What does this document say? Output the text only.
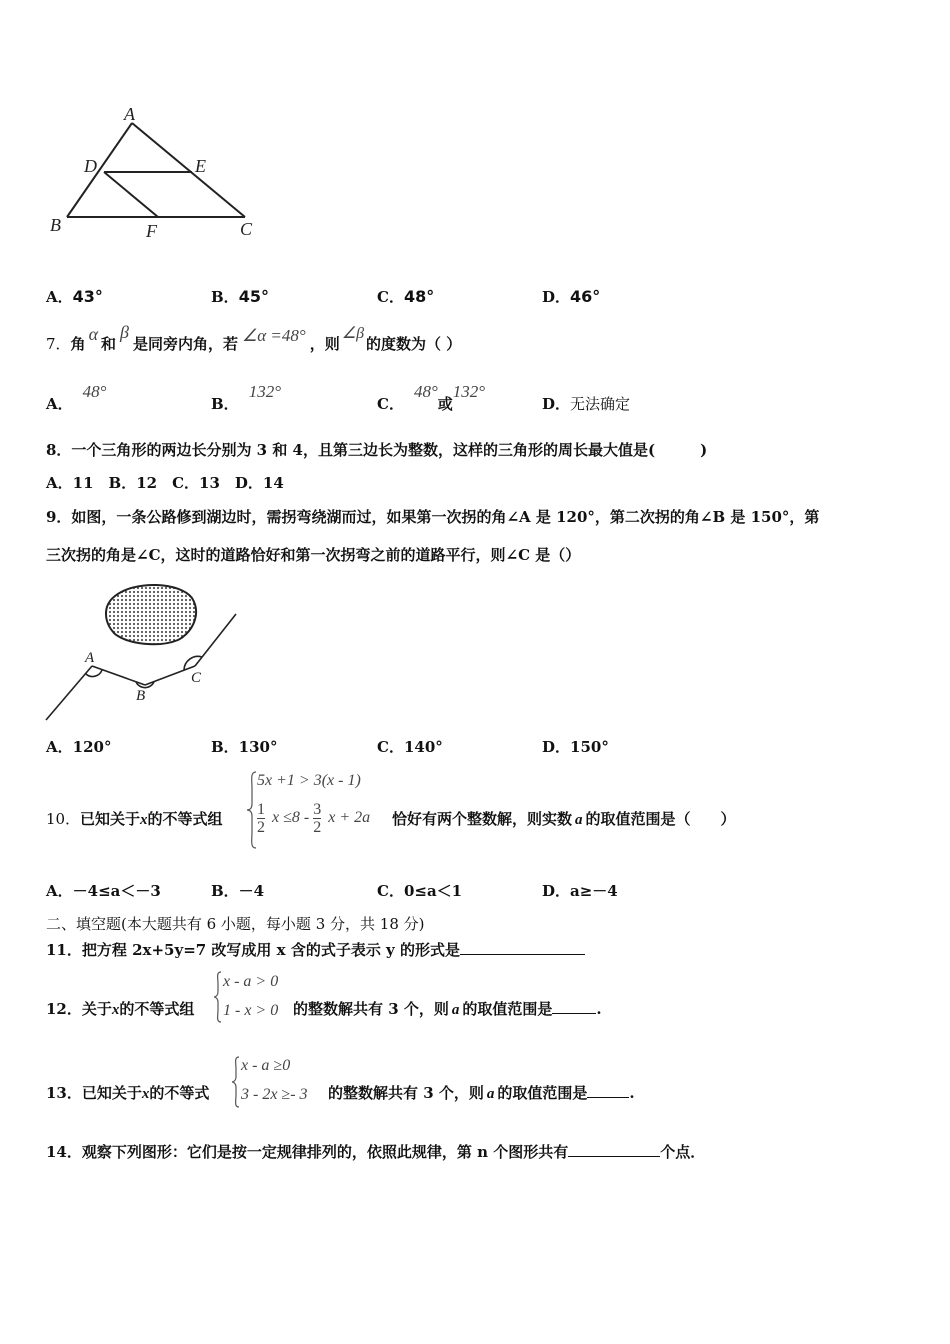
A
D	E
B	F	C
A．43°	B．45°	C．48°	D．46°
7．角 α 和β是同旁内角，若 ∠α =48° ，则∠β的度数为（ ）
A．48°
B．132°
C．48°或132°
D．无法确定
8．一个三角形的两边长分别为 3 和 4，且第三边长为整数，这样的三角形的周长最大值是(　　　)
A．11　B．12　C．13　D．14
9．如图，一条公路修到湖边时，需拐弯绕湖而过，如果第一次拐的角∠A 是 120°，第二次拐的角∠B 是 150°，第
三次拐的角是∠C，这时的道路恰好和第一次拐弯之前的道路平行，则∠C 是（）
A
B
C
A．120°	B．130°	C．140°	D．150°
10． 已知关于x的不等式组
5x +1 > 3(x - 1)
$\frac{1}{2}$ $x \le 8 - \frac{3}{2}$ x + 2a 恰好有两个整数解，则实数 a 的取值范围是（　　）
A．－4≤a＜－3	B．－4	C．0≤a＜1	D．a≥－4
二、填空题(本大题共有 6 小题，每小题 3 分，共 18 分)
11．把方程 2x+5y=7 改写成用 x 含的式子表示 y 的形式是
12．关于x的不等式组
x - a > 0
1 - x > 0 的整数解共有 3 个，则 a 的取值范围是	.
13．已知关于x的不等式
x - a ≥0
3 - 2x ≥- 3 的整数解共有 3 个，则 a 的取值范围是	.
14．观察下列图形：它们是按一定规律排列的，依照此规律，第 n 个图形共有	个点．
